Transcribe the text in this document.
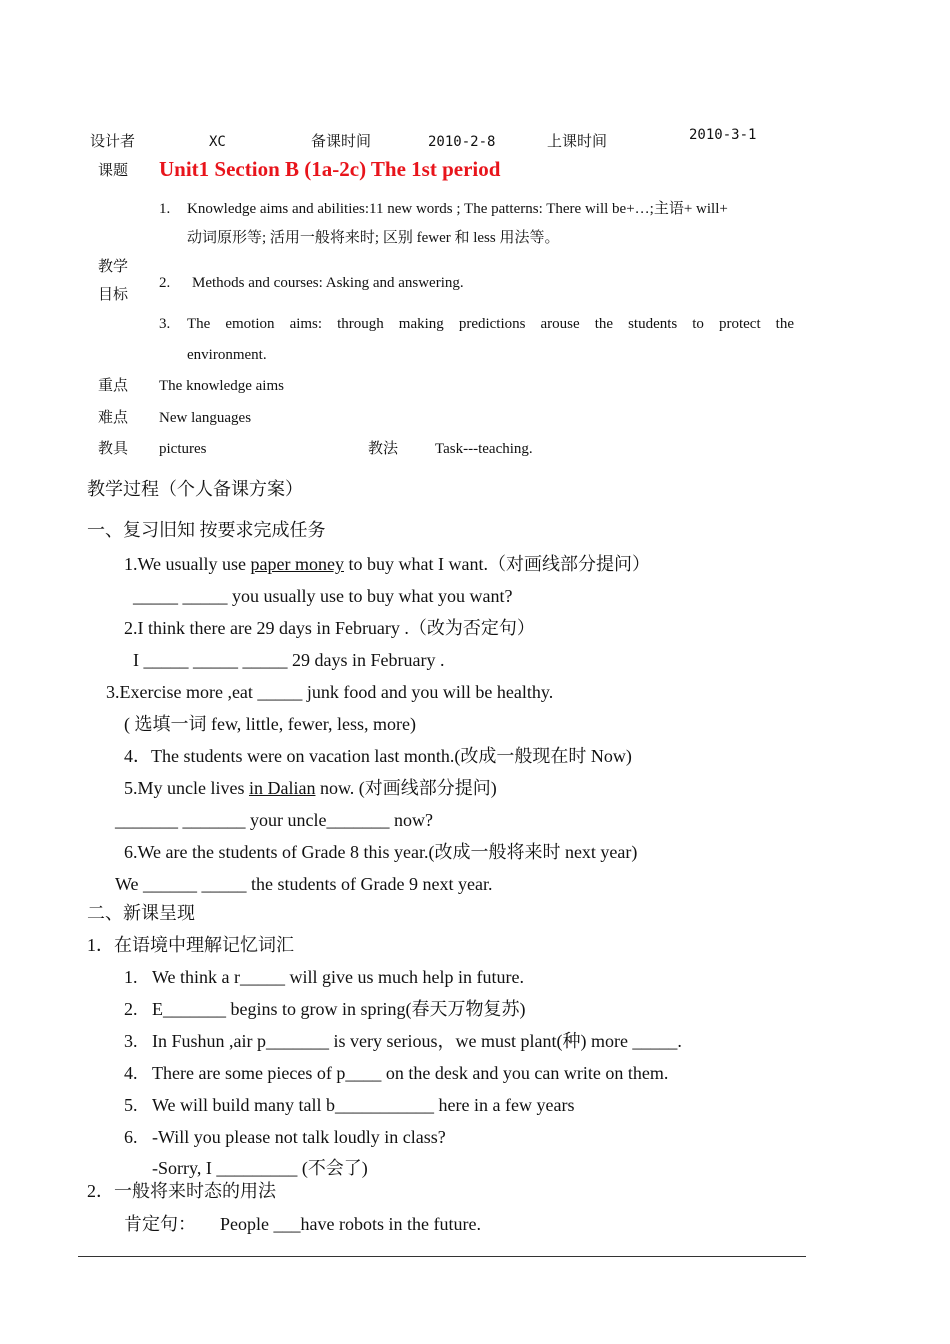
设计者	XC	备课时间	2010-2-8	上课时间	2010-3-1
课题 Unit1 Section B (1a-2c) The 1st period
教学
目标
1. Knowledge aims and abilities:11 new words ; The patterns: There will be+…;主语+ will+
动词原形等; 活用一般将来时; 区别 fewer 和 less 用法等。
2. Methods and courses: Asking and answering.
3.	The emotion aims: through making predictions arouse the students to protect the
environment.
重点 The knowledge aims
难点 New languages
教具 pictures	教法 Task---teaching.
教学过程（个人备课方案）
一、复习旧知 按要求完成任务
1.We usually use paper money to buy what I want.（对画线部分提问）
_____ _____ you usually use to buy what you want?
2.I think there are 29 days in February .（改为否定句）
I _____ _____ _____ 29 days in February .
3.Exercise more ,eat _____ junk food and you will be healthy.
( 选填一词 few, little, fewer, less, more)
4．The students were on vacation last month.(改成一般现在时 Now)
5.My uncle lives in Dalian now. (对画线部分提问)
_______ _______ your uncle_______ now?
6.We are the students of Grade 8 this year.(改成一般将来时 next year)
We ______ _____ the students of Grade 9 next year.
二、新课呈现
1．在语境中理解记忆词汇
1. We think a r_____ will give us much help in future.
2. E_______ begins to grow in spring(春天万物复苏)
3. In Fushun ,air p_______ is very serious，we must plant(种) more _____.
4. There are some pieces of p____ on the desk and you can write on them.
5. We will build many tall b___________ here in a few years
6. -Will you please not talk loudly in class?
-Sorry, I _________ (不会了)
2．一般将来时态的用法
肯定句： People ___have robots in the future.
